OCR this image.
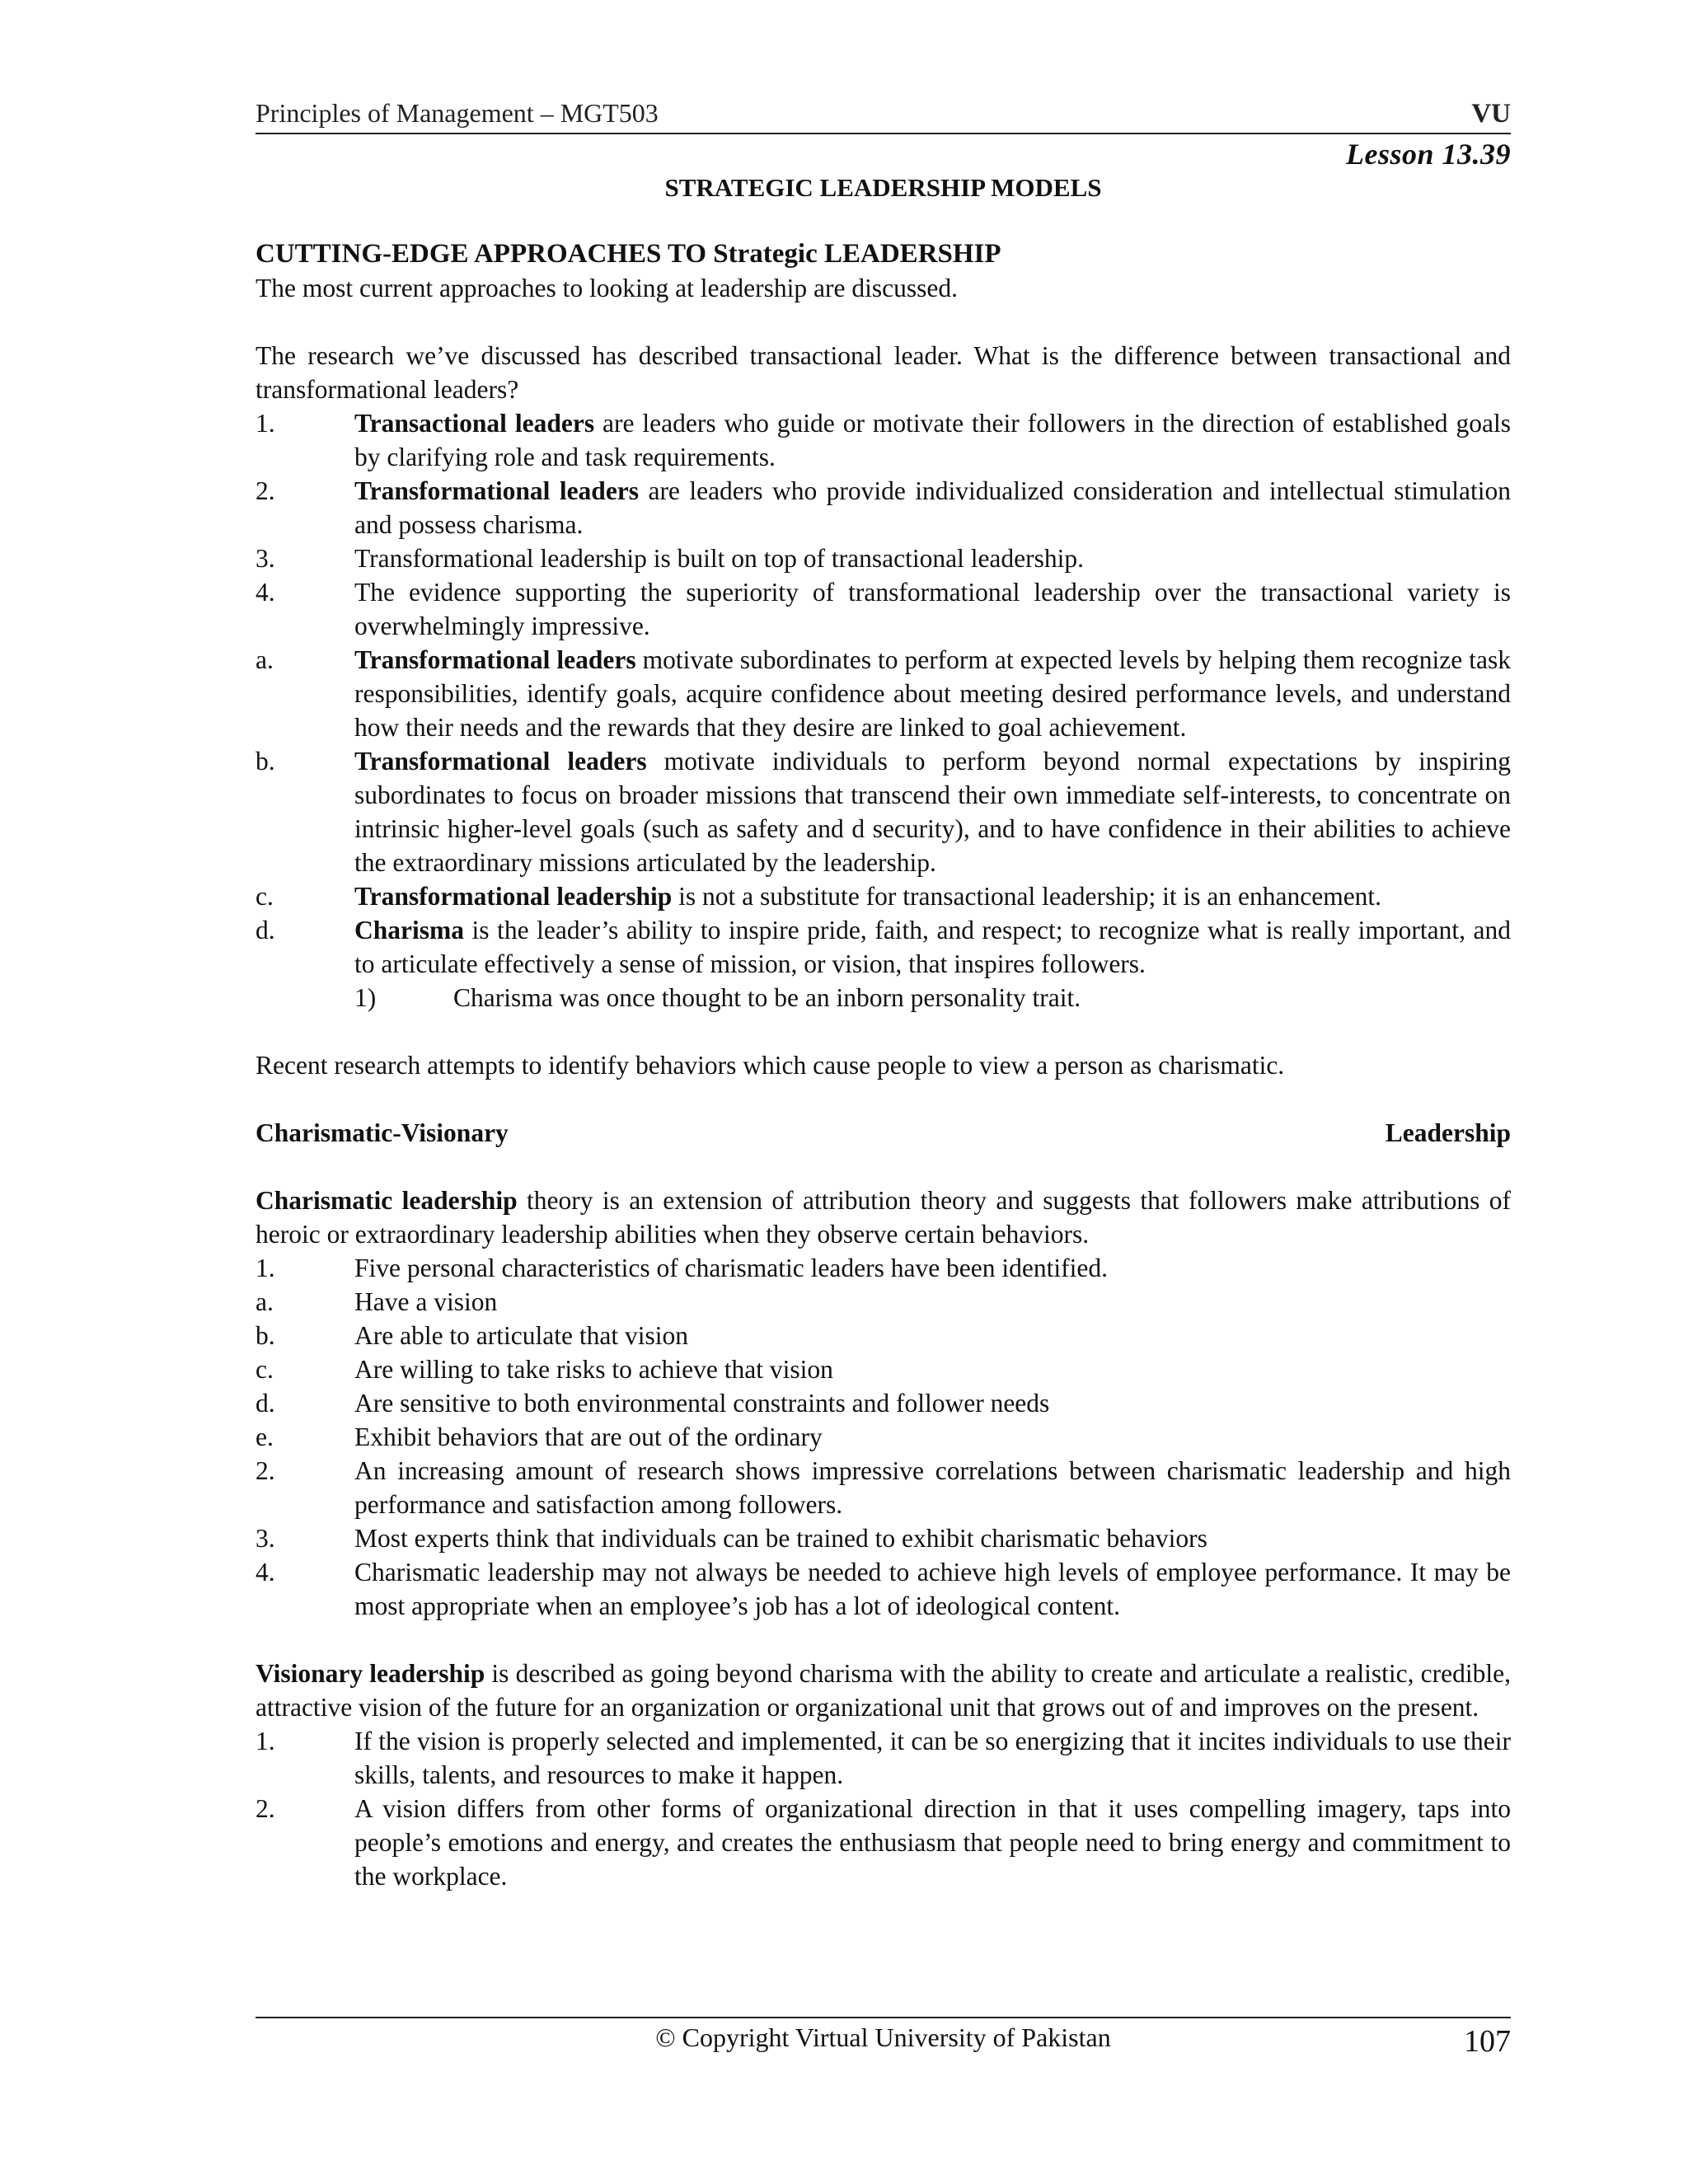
Principles of Management – MGT503	VU
Lesson 13.39
STRATEGIC LEADERSHIP MODELS

CUTTING-EDGE APPROACHES TO Strategic LEADERSHIP

The most current approaches to looking at leadership are discussed.

The research we’ve discussed has described transactional leader. What is the difference between transactional and transformational leaders?

1.	Transactional leaders are leaders who guide or motivate their followers in the direction of established goals by clarifying role and task requirements.
2.	Transformational leaders are leaders who provide individualized consideration and intellectual stimulation and possess charisma.
3.	Transformational leadership is built on top of transactional leadership.
4.	The evidence supporting the superiority of transformational leadership over the transactional variety is overwhelmingly impressive.
a.	Transformational leaders motivate subordinates to perform at expected levels by helping them recognize task responsibilities, identify goals, acquire confidence about meeting desired performance levels, and understand how their needs and the rewards that they desire are linked to goal achievement.
b.	Transformational leaders motivate individuals to perform beyond normal expectations by inspiring subordinates to focus on broader missions that transcend their own immediate self-interests, to concentrate on intrinsic higher-level goals (such as safety and d security), and to have confidence in their abilities to achieve the extraordinary missions articulated by the leadership.
c.	Transformational leadership is not a substitute for transactional leadership; it is an enhancement.
d.	Charisma is the leader’s ability to inspire pride, faith, and respect; to recognize what is really important, and to articulate effectively a sense of mission, or vision, that inspires followers.
1)	Charisma was once thought to be an inborn personality trait.

Recent research attempts to identify behaviors which cause people to view a person as charismatic.

Charismatic-Visionary	Leadership

Charismatic leadership theory is an extension of attribution theory and suggests that followers make attributions of heroic or extraordinary leadership abilities when they observe certain behaviors.

1.	Five personal characteristics of charismatic leaders have been identified.
a.	Have a vision
b.	Are able to articulate that vision
c.	Are willing to take risks to achieve that vision
d.	Are sensitive to both environmental constraints and follower needs
e.	Exhibit behaviors that are out of the ordinary
2.	An increasing amount of research shows impressive correlations between charismatic leadership and high performance and satisfaction among followers.
3.	Most experts think that individuals can be trained to exhibit charismatic behaviors
4.	Charismatic leadership may not always be needed to achieve high levels of employee performance. It may be most appropriate when an employee’s job has a lot of ideological content.

Visionary leadership is described as going beyond charisma with the ability to create and articulate a realistic, credible, attractive vision of the future for an organization or organizational unit that grows out of and improves on the present.

1.	If the vision is properly selected and implemented, it can be so energizing that it incites individuals to use their skills, talents, and resources to make it happen.
2.	A vision differs from other forms of organizational direction in that it uses compelling imagery, taps into people’s emotions and energy, and creates the enthusiasm that people need to bring energy and commitment to the workplace.
© Copyright Virtual University of Pakistan	107
